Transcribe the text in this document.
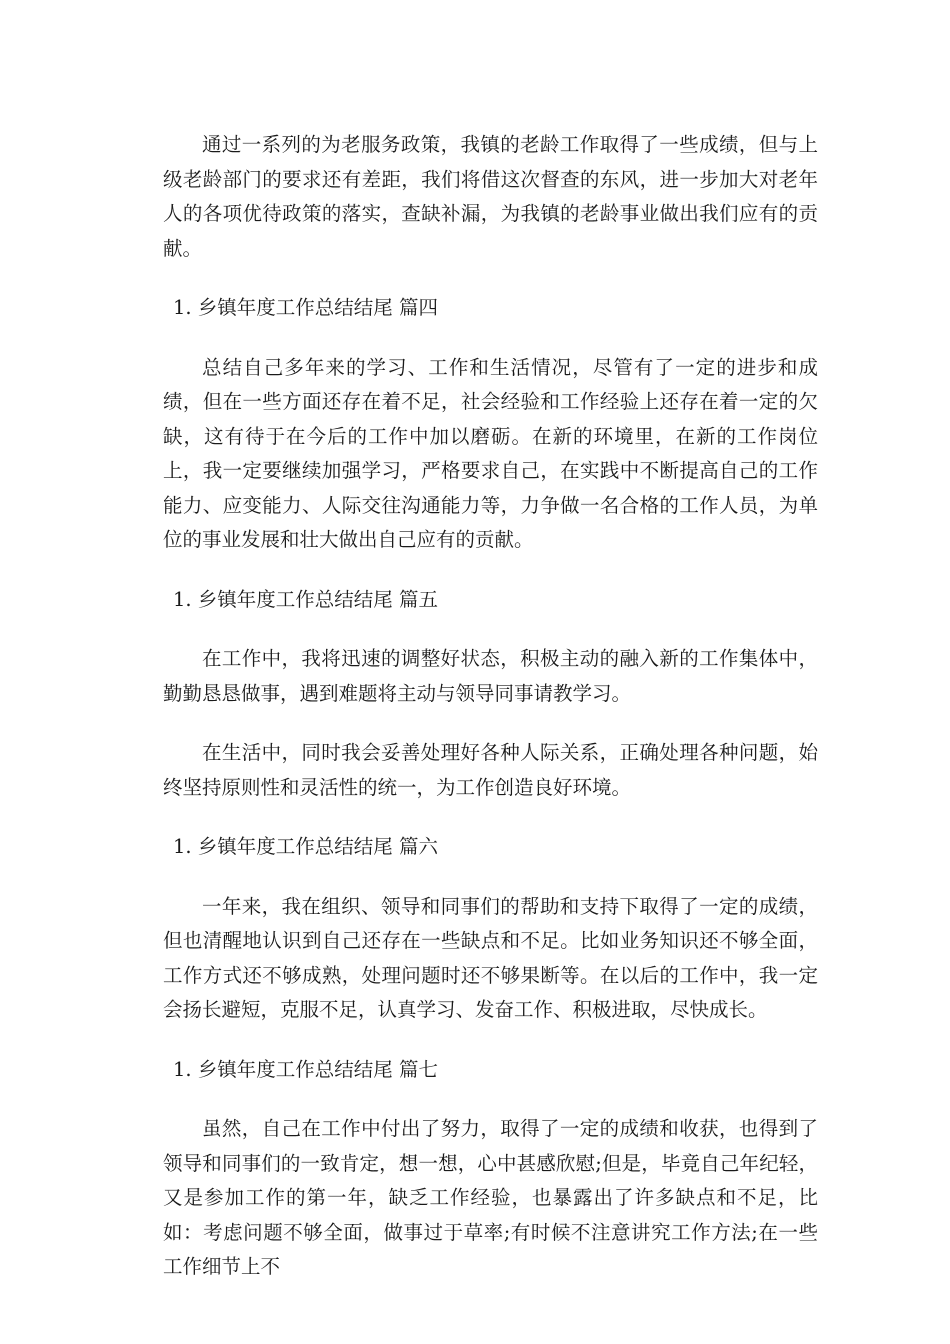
通过一系列的为老服务政策，我镇的老龄工作取得了一些成绩，但与上级老龄部门的要求还有差距，我们将借这次督查的东风，进一步加大对老年人的各项优待政策的落实，查缺补漏，为我镇的老龄事业做出我们应有的贡献。

1. 乡镇年度工作总结结尾 篇四

总结自己多年来的学习、工作和生活情况，尽管有了一定的进步和成绩，但在一些方面还存在着不足，社会经验和工作经验上还存在着一定的欠缺，这有待于在今后的工作中加以磨砺。在新的环境里，在新的工作岗位上，我一定要继续加强学习，严格要求自己，在实践中不断提高自己的工作能力、应变能力、人际交往沟通能力等，力争做一名合格的工作人员，为单位的事业发展和壮大做出自己应有的贡献。

1. 乡镇年度工作总结结尾 篇五

在工作中，我将迅速的调整好状态，积极主动的融入新的工作集体中，勤勤恳恳做事，遇到难题将主动与领导同事请教学习。

在生活中，同时我会妥善处理好各种人际关系，正确处理各种问题，始终坚持原则性和灵活性的统一，为工作创造良好环境。

1. 乡镇年度工作总结结尾 篇六

一年来，我在组织、领导和同事们的帮助和支持下取得了一定的成绩，但也清醒地认识到自己还存在一些缺点和不足。比如业务知识还不够全面，工作方式还不够成熟，处理问题时还不够果断等。在以后的工作中，我一定会扬长避短，克服不足，认真学习、发奋工作、积极进取，尽快成长。

1. 乡镇年度工作总结结尾 篇七

虽然，自己在工作中付出了努力，取得了一定的成绩和收获，也得到了领导和同事们的一致肯定，想一想，心中甚感欣慰;但是，毕竟自己年纪轻，又是参加工作的第一年，缺乏工作经验，也暴露出了许多缺点和不足，比如：考虑问题不够全面，做事过于草率;有时候不注意讲究工作方法;在一些工作细节上不
